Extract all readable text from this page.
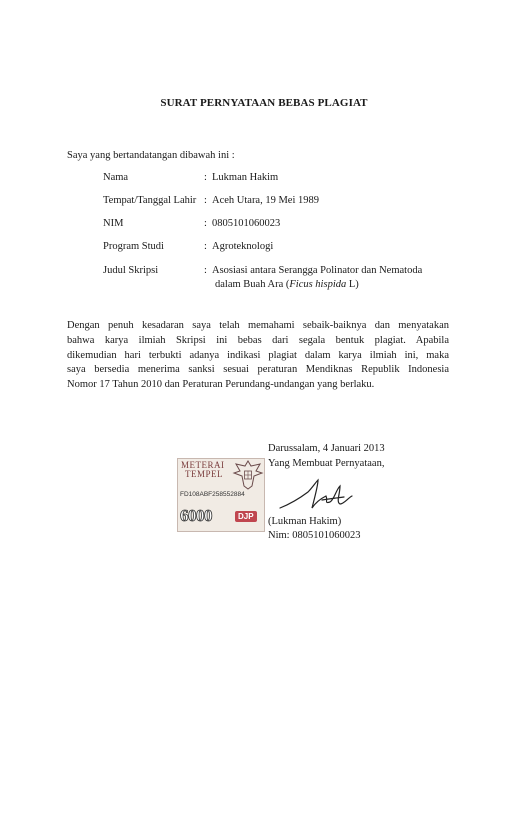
SURAT PERNYATAAN BEBAS PLAGIAT
Saya yang bertandatangan dibawah ini :
Nama	: Lukman Hakim
Tempat/Tanggal Lahir : Aceh Utara, 19 Mei 1989
NIM	: 0805101060023
Program Studi	: Agroteknologi
Judul Skripsi	: Asosiasi antara Serangga Polinator dan Nematoda
dalam Buah Ara (Ficus hispida L)
Dengan penuh kesadaran saya telah memahami sebaik-baiknya dan menyatakan
bahwa karya ilmiah Skripsi ini bebas dari segala bentuk plagiat. Apabila
dikemudian hari terbukti adanya indikasi plagiat dalam karya ilmiah ini, maka
saya bersedia menerima sanksi sesuai peraturan Mendiknas Republik Indonesia
Nomor 17 Tahun 2010 dan Peraturan Perundang-undangan yang berlaku.
Darussalam, 4 Januari 2013
Yang Membuat Pernyataan,
METERAI
TEMPEL
FD108ABF258552884
6000	DJP (Lukman Hakim)
Nim: 0805101060023
